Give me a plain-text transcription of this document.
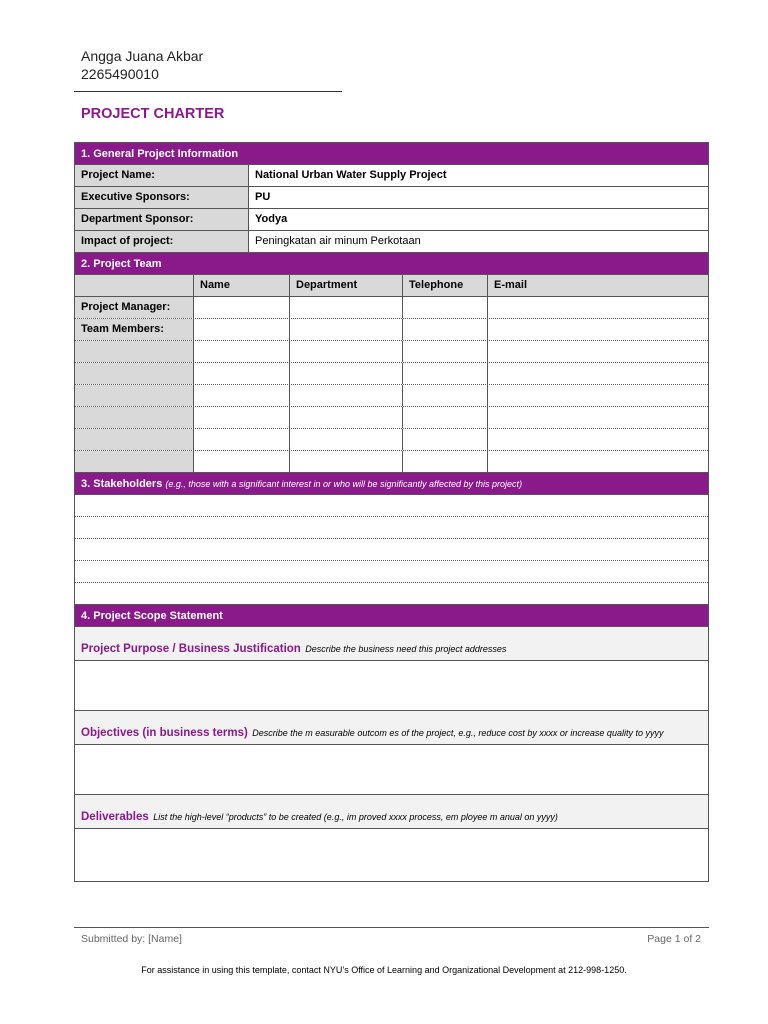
Angga Juana Akbar
2265490010
PROJECT CHARTER
1. General Project Information
Project Name:	National Urban Water Supply Project
Executive Sponsors:	PU
Department Sponsor:	Yodya
Impact of project:	Peningkatan air minum Perkotaan
2. Project Team
Name	Department	Telephone	E-mail
Project Manager:
Team Members:
3. Stakeholders (e.g., those with a significant interest in or who will be significantly affected by this project)
4. Project Scope Statement
Project Purpose / Business Justification Describe the business need this project addresses
Objectives (in business terms) Describe the m easurable outcom es of the project, e.g., reduce cost by xxxx or increase quality to yyyy
Deliverables List the high-level “products” to be created (e.g., im proved xxxx process, em ployee m anual on yyyy)
Submitted by: [Name]	Page 1 of 2
For assistance in using this template, contact NYU’s Office of Learning and Organizational Development at 212-998-1250.
